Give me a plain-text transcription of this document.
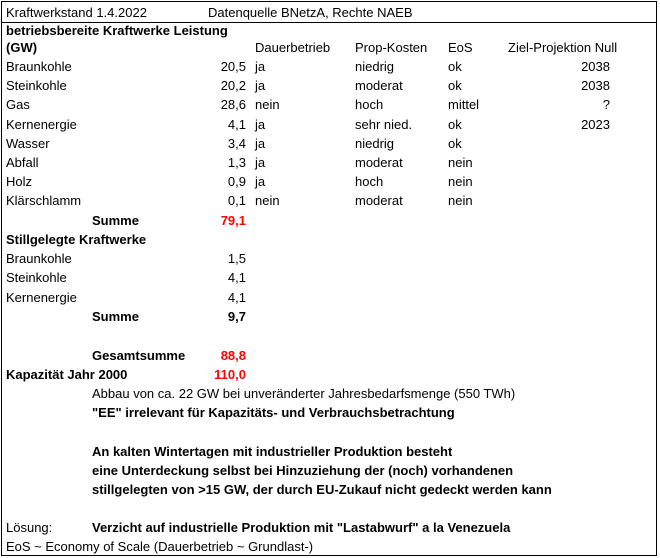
Kraftwerkstand 1.4.2022	Datenquelle BNetzA, Rechte NAEB
betriebsbereite Kraftwerke Leistung
(GW)	Dauerbetrieb Prop-Kosten EoS	Ziel-Projektion Null
Braunkohle	20,5 ja	niedrig	ok	2038
Steinkohle	20,2 ja	moderat	ok	2038
Gas	28,6 nein	hoch	mittel	?
Kernenergie	4,1 ja	sehr nied.	ok	2023
Wasser	3,4 ja	niedrig	ok
Abfall	1,3 ja	moderat	nein
Holz	0,9 ja	hoch	nein
Klärschlamm	0,1 nein	moderat	nein
Summe	79,1
Stillgelegte Kraftwerke
Braunkohle	1,5
Steinkohle	4,1
Kernenergie	4,1
Summe	9,7
Gesamtsumme	88,8
Kapazität Jahr 2000	110,0
Abbau von ca. 22 GW bei unveränderter Jahresbedarfsmenge (550 TWh)
"EE" irrelevant für Kapazitäts- und Verbrauchsbetrachtung
An kalten Wintertagen mit industrieller Produktion besteht
eine Unterdeckung selbst bei Hinzuziehung der (noch) vorhandenen
stillgelegten von >15 GW, der durch EU-Zukauf nicht gedeckt werden kann
Lösung:	Verzicht auf industrielle Produktion mit "Lastabwurf" a la Venezuela
EoS ~ Economy of Scale (Dauerbetrieb ~ Grundlast-)
